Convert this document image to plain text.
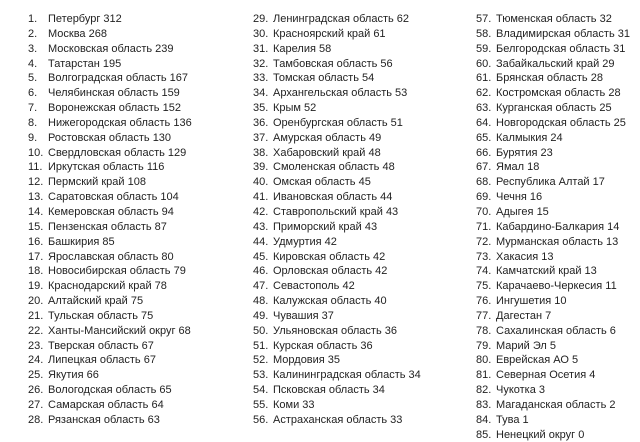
1. Петербург 312
2. Москва 268
3. Московская область 239
4. Татарстан 195
5. Волгоградская область 167
6. Челябинская область 159
7. Воронежская область 152
8. Нижегородская область 136
9. Ростовская область 130
10. Свердловская область 129
11. Иркутская область 116
12. Пермский край 108
13. Саратовская область 104
14. Кемеровская область 94
15. Пензенская область 87
16. Башкирия 85
17. Ярославская область 80
18. Новосибирская область 79
19. Краснодарский край 78
20. Алтайский край 75
21. Тульская область 75
22. Ханты-Мансийский округ 68
23. Тверская область 67
24. Липецкая область 67
25. Якутия 66
26. Вологодская область 65
27. Самарская область 64
28. Рязанская область 63
29. Ленинградская область 62
30. Красноярский край 61
31. Карелия 58
32. Тамбовская область 56
33. Томская область 54
34. Архангельская область 53
35. Крым 52
36. Оренбургская область 51
37. Амурская область 49
38. Хабаровский край 48
39. Смоленская область 48
40. Омская область 45
41. Ивановская область 44
42. Ставропольский край 43
43. Приморский край 43
44. Удмуртия 42
45. Кировская область 42
46. Орловская область 42
47. Севастополь 42
48. Калужская область 40
49. Чувашия 37
50. Ульяновская область 36
51. Курская область 36
52. Мордовия 35
53. Калининградская область 34
54. Псковская область 34
55. Коми 33
56. Астраханская область 33
57. Тюменская область 32
58. Владимирская область 31
59. Белгородская область 31
60. Забайкальский край 29
61. Брянская область 28
62. Костромская область 28
63. Курганская область 25
64. Новгородская область 25
65. Калмыкия 24
66. Бурятия 23
67. Ямал 18
68. Республика Алтай 17
69. Чечня 16
70. Адыгея 15
71. Кабардино-Балкария 14
72. Мурманская область 13
73. Хакасия 13
74. Камчатский край 13
75. Карачаево-Черкесия 11
76. Ингушетия 10
77. Дагестан 7
78. Сахалинская область 6
79. Марий Эл 5
80. Еврейская АО 5
81. Северная Осетия 4
82. Чукотка 3
83. Магаданская область 2
84. Тува 1
85. Ненецкий округ 0
